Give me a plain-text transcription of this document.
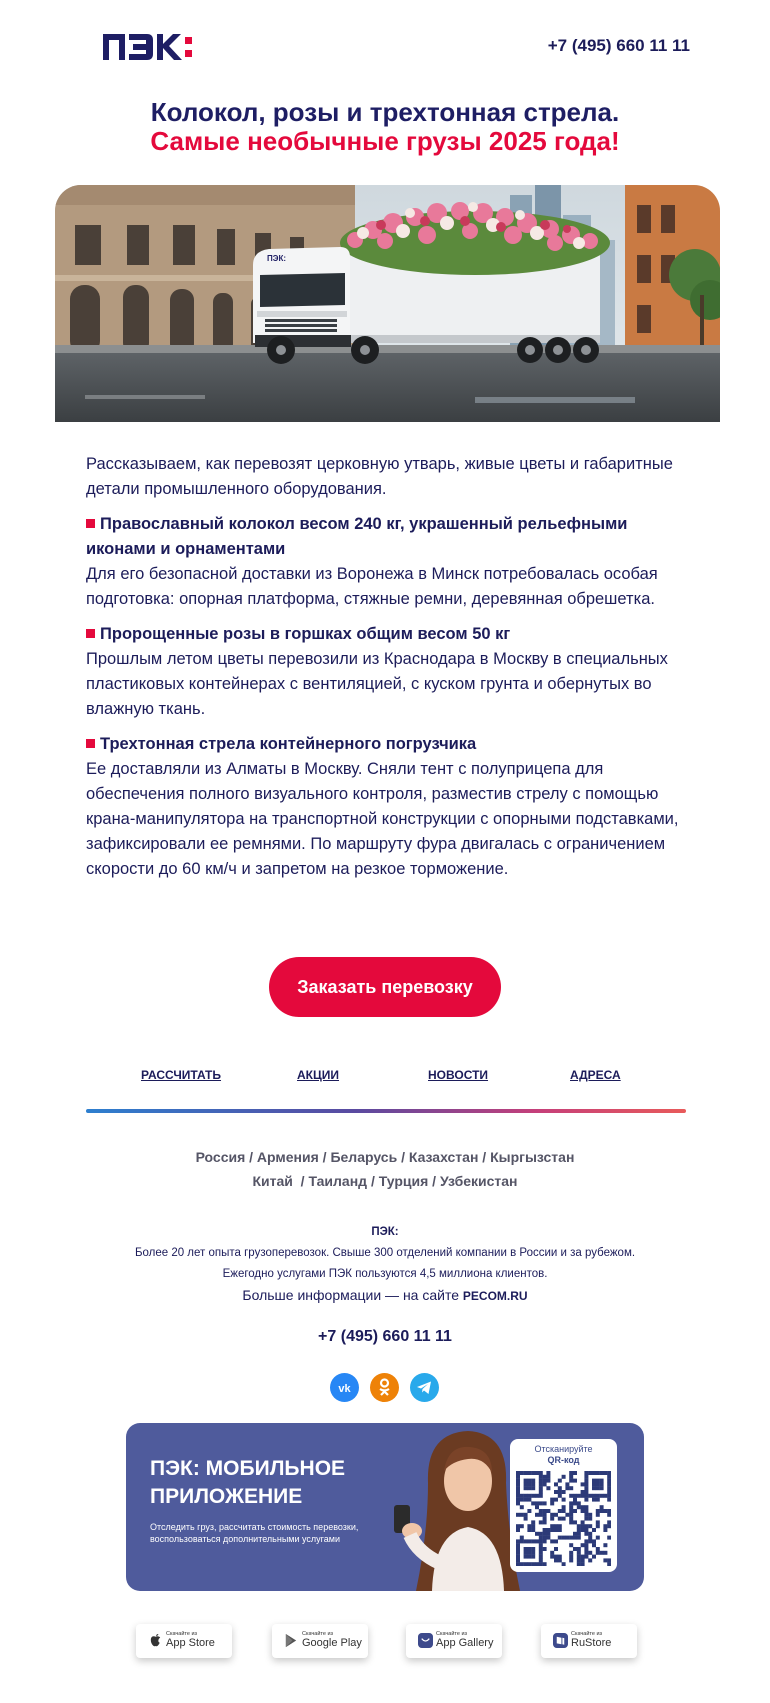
ПЭК:
+7 (495) 660 11 11
Колокол, розы и трехтонная стрела.
Самые необычные грузы 2025 года!
ПЭК:

Рассказываем, как перевозят церковную утварь, живые цветы и габаритные детали промышленного оборудования.

Православный колокол весом 240 кг, украшенный рельефными иконами и орнаментами
Для его безопасной доставки из Воронежа в Минск потребовалась особая подготовка: опорная платформа, стяжные ремни, деревянная обрешетка.

Пророщенные розы в горшках общим весом 50 кг
Прошлым летом цветы перевозили из Краснодара в Москву в специальных пластиковых контейнерах с вентиляцией, с куском грунта и обернутых во влажную ткань.

Трехтонная стрела контейнерного погрузчика
Ее доставляли из Алматы в Москву. Сняли тент с полуприцепа для обеспечения полного визуального контроля, разместив стрелу с помощью крана-манипулятора на транспортной конструкции с опорными подставками, зафиксировали ее ремнями. По маршруту фура двигалась с ограничением скорости до 60 км/ч и запретом на резкое торможение.

Заказать перевозку
РАССЧИТАТЬ	АКЦИИ	НОВОСТИ	АДРЕСА
Россия / Армения / Беларусь / Казахстан / Кыргызстан
Китай  / Таиланд / Турция / Узбекистан
ПЭК:
Более 20 лет опыта грузоперевозок. Свыше 300 отделений компании в России и за рубежом.
Ежегодно услугами ПЭК пользуются 4,5 миллиона клиентов.
Больше информации — на сайте PECOM.RU
+7 (495) 660 11 11
vk
ПЭК: МОБИЛЬНОЕ
ПРИЛОЖЕНИЕ
Отследить груз, рассчитать стоимость перевозки, воспользоваться дополнительными услугами
Отсканируйте
QR-код
Скачайте из
App Store
Скачайте из
Google Play
Скачайте из
App Gallery
Скачайте из
RuStore
